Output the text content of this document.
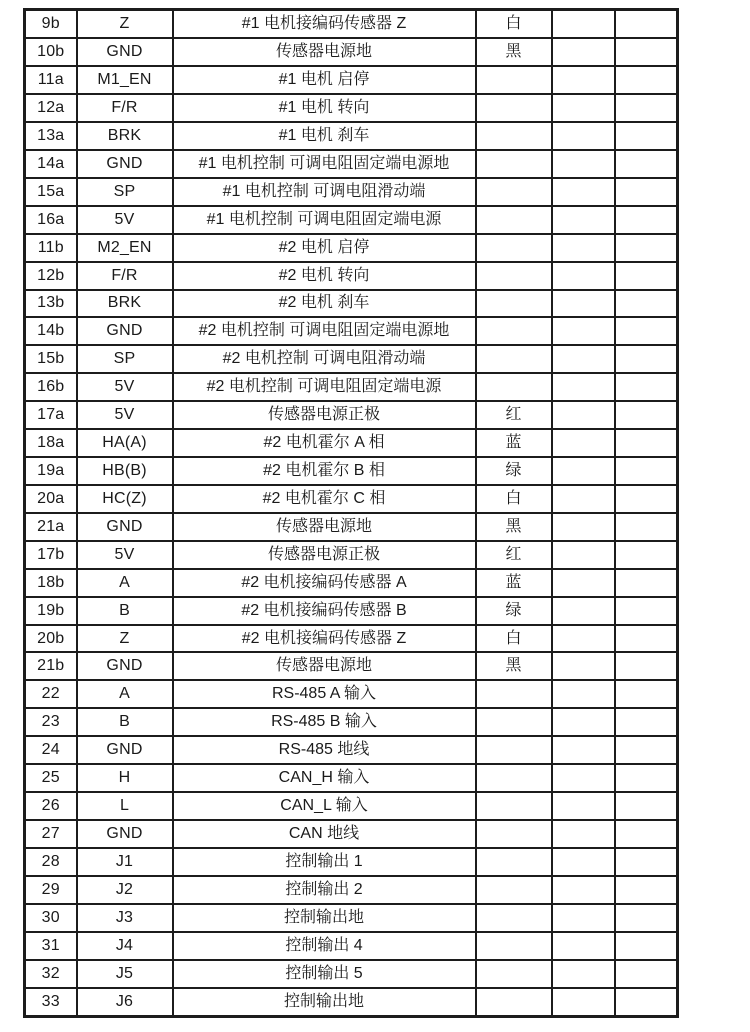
9b	Z	#1 电机接编码传感器 Z	白		
10b	GND	传感器电源地	黑		
11a	M1_EN	#1 电机 启停			
12a	F/R	#1 电机 转向			
13a	BRK	#1 电机 刹车			
14a	GND	#1 电机控制 可调电阻固定端电源地			
15a	SP	#1 电机控制 可调电阻滑动端			
16a	5V	#1 电机控制 可调电阻固定端电源			
11b	M2_EN	#2 电机 启停			
12b	F/R	#2 电机 转向			
13b	BRK	#2 电机 刹车			
14b	GND	#2 电机控制 可调电阻固定端电源地			
15b	SP	#2 电机控制 可调电阻滑动端			
16b	5V	#2 电机控制 可调电阻固定端电源			
17a	5V	传感器电源正极	红		
18a	HA(A)	#2 电机霍尔 A 相	蓝		
19a	HB(B)	#2 电机霍尔 B 相	绿		
20a	HC(Z)	#2 电机霍尔 C 相	白		
21a	GND	传感器电源地	黑		
17b	5V	传感器电源正极	红		
18b	A	#2 电机接编码传感器 A	蓝		
19b	B	#2 电机接编码传感器 B	绿		
20b	Z	#2 电机接编码传感器 Z	白		
21b	GND	传感器电源地	黑		
22	A	RS-485 A 输入			
23	B	RS-485 B 输入			
24	GND	RS-485 地线			
25	H	CAN_H 输入			
26	L	CAN_L 输入			
27	GND	CAN 地线			
28	J1	控制输出 1			
29	J2	控制输出 2			
30	J3	控制输出地			
31	J4	控制输出 4			
32	J5	控制输出 5			
33	J6	控制输出地			
